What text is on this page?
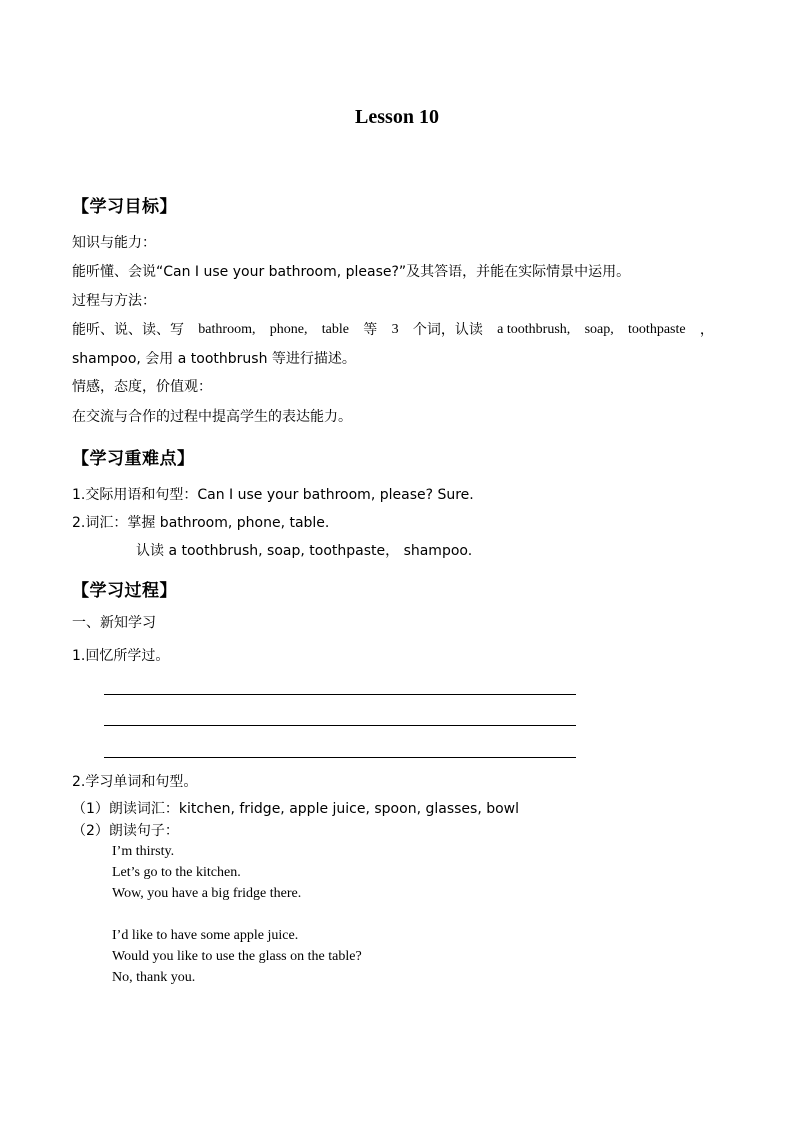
Lesson 10
【学习目标】
知识与能力：
能听懂、会说“Can I use your bathroom, please?”及其答语，并能在实际情景中运用。
过程与方法：
能听、说、读、写 bathroom, phone, table 等 3 个词，认读 a toothbrush, soap, toothpaste ，
shampoo, 会用 a toothbrush 等进行描述。
情感，态度，价值观：
在交流与合作的过程中提高学生的表达能力。
【学习重难点】
1.交际用语和句型：Can I use your bathroom, please? Sure.
2.词汇：掌握 bathroom, phone, table.
认读 a toothbrush, soap, toothpaste， shampoo.
【学习过程】
一、新知学习
1.回忆所学过。
2.学习单词和句型。
（1）朗读词汇：kitchen, fridge, apple juice, spoon, glasses, bowl
（2）朗读句子：
I’m thirsty.
Let’s go to the kitchen.
Wow, you have a big fridge there.
I’d like to have some apple juice.
Would you like to use the glass on the table?
No, thank you.
